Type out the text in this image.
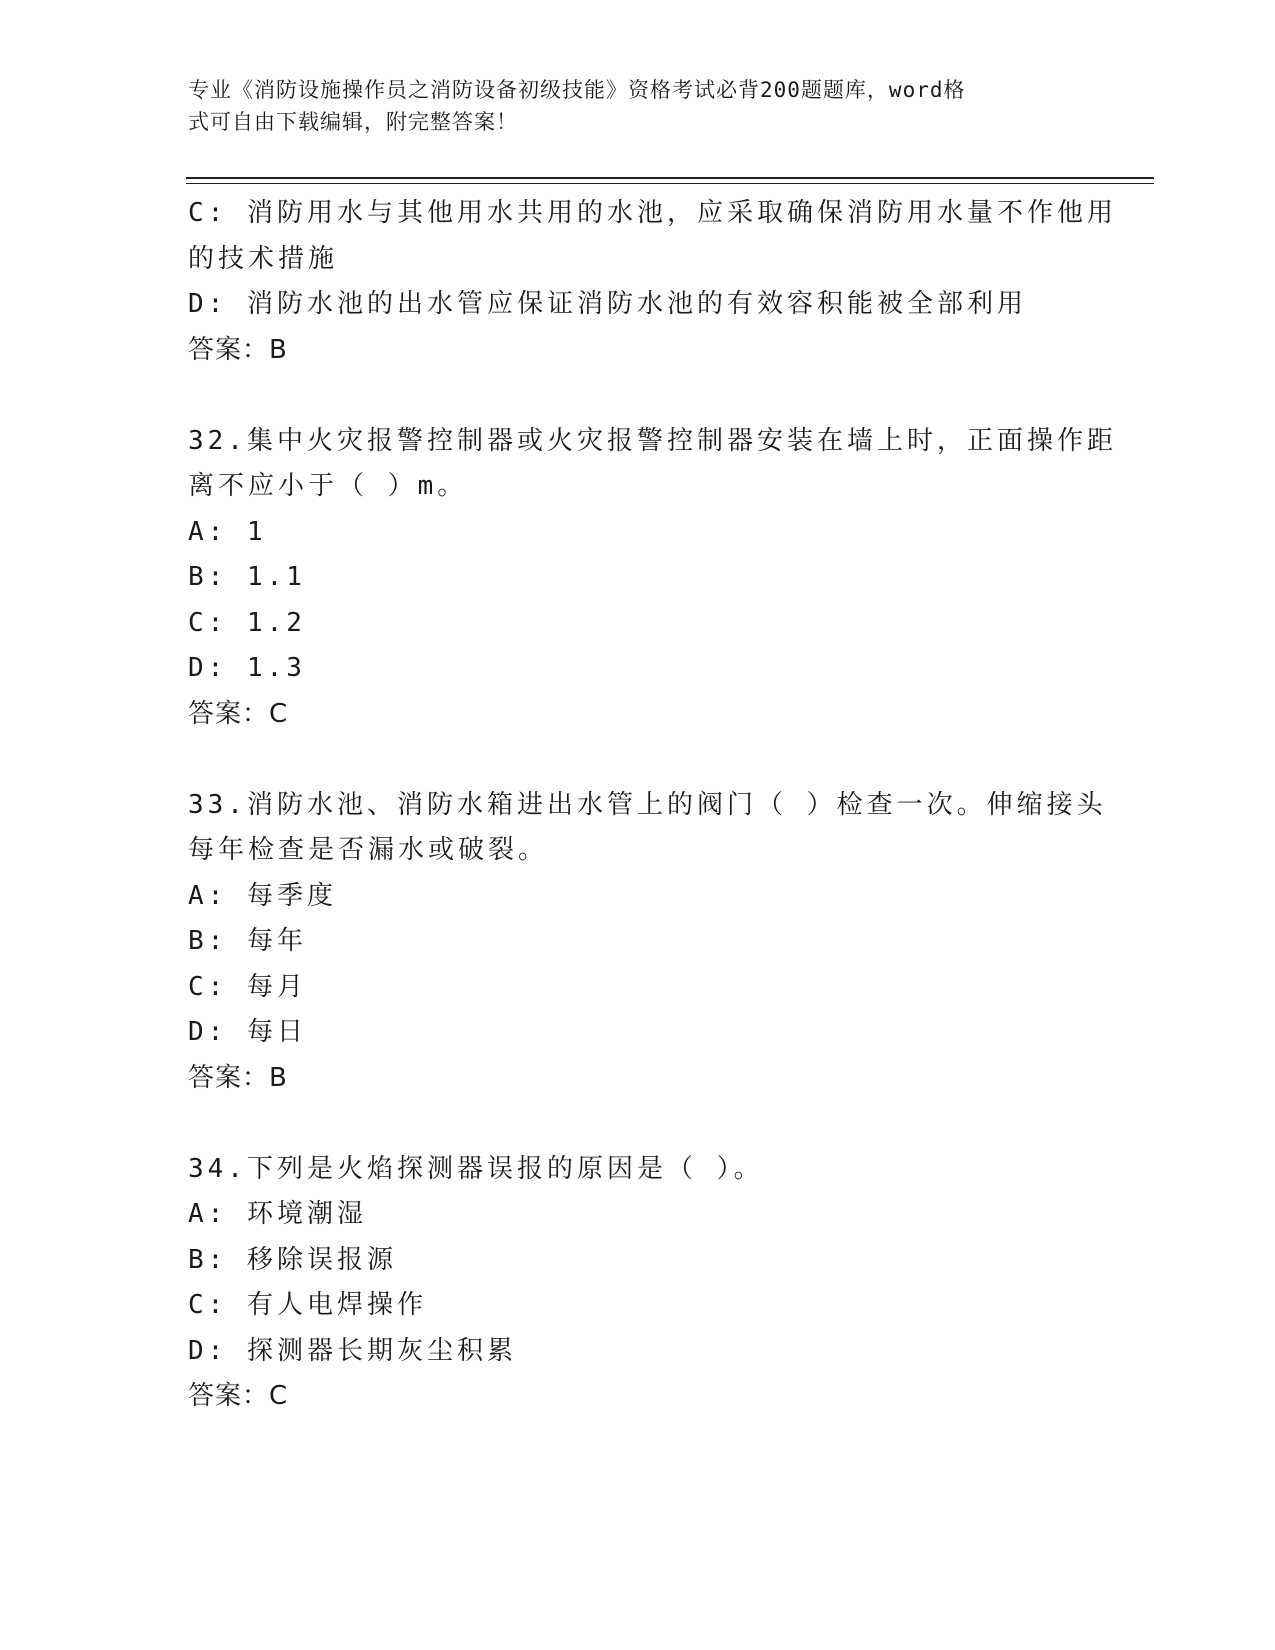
专业《消防设施操作员之消防设备初级技能》资格考试必背200题题库，word格
式可自由下载编辑，附完整答案！
C: 消防用水与其他用水共用的水池，应采取确保消防用水量不作他用
的技术措施
D: 消防水池的出水管应保证消防水池的有效容积能被全部利用
答案：B
32.集中火灾报警控制器或火灾报警控制器安装在墙上时，正面操作距
离不应小于（ ）m。
A: 1
B: 1.1
C: 1.2
D: 1.3
答案：C
33.消防水池、消防水箱进出水管上的阀门（ ）检查一次。伸缩接头
每年检查是否漏水或破裂。
A: 每季度
B: 每年
C: 每月
D: 每日
答案：B
34.下列是火焰探测器误报的原因是（ ）。
A: 环境潮湿
B: 移除误报源
C: 有人电焊操作
D: 探测器长期灰尘积累
答案：C
